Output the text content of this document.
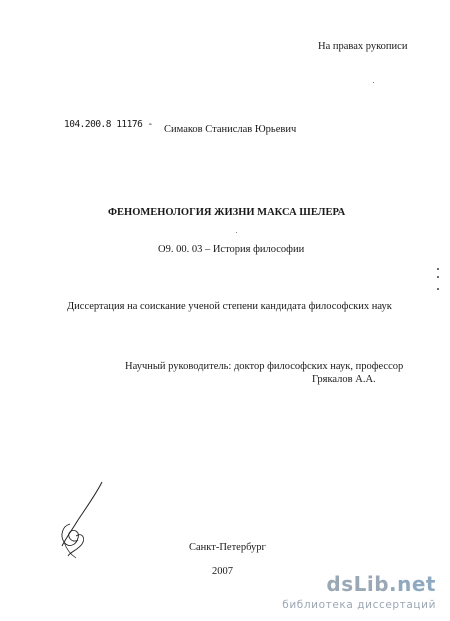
На правах рукописи
104.200.8 11176 - Симаков Станислав Юрьевич
ФЕНОМЕНОЛОГИЯ ЖИЗНИ МАКСА ШЕЛЕРА
О9. 00. 03 – История философии
Диссертация на соискание ученой степени кандидата философских наук
Научный руководитель: доктор философских наук, профессор
Грякалов А.А.
Санкт-Петербург
2007
dsLib.net
библиотека диссертаций
